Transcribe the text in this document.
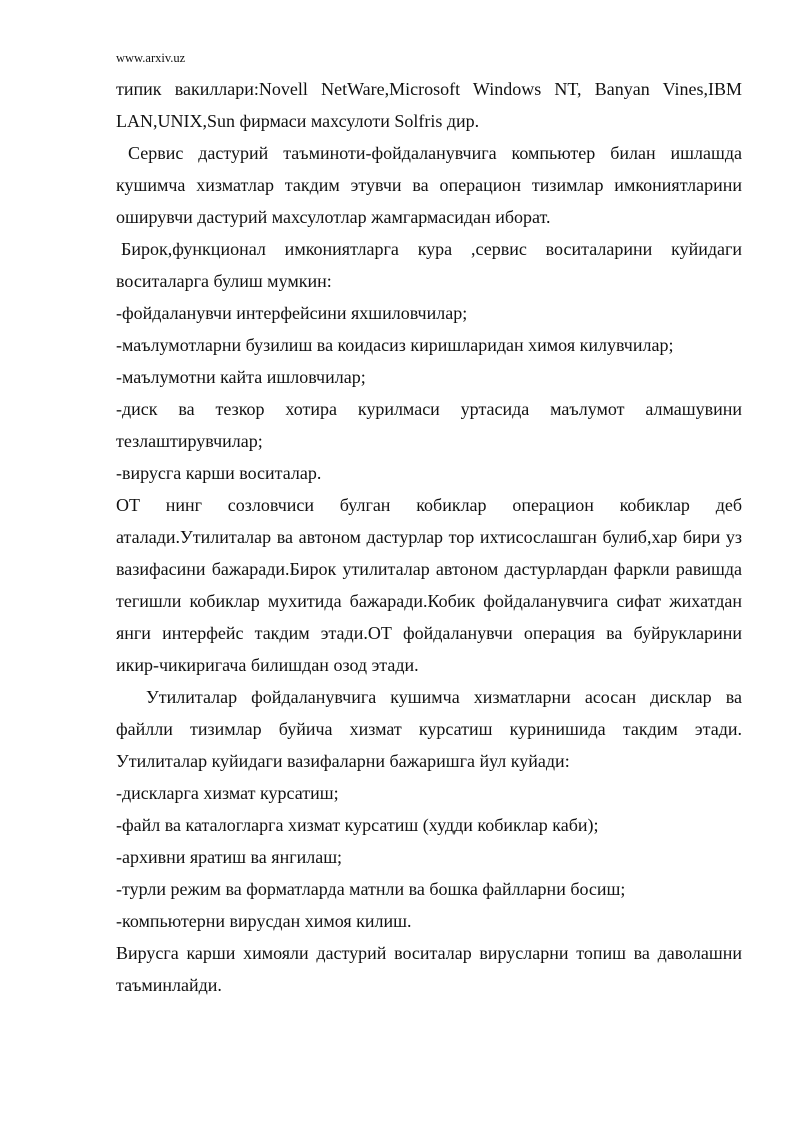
www.arxiv.uz

типик вакиллари:Novell NetWare,Microsoft Windows NT, Banyan Vines,IBM LAN,UNIX,Sun фирмаси махсулоти Solfris дир.

Сервис дастурий таъминоти-фойдаланувчига компьютер билан ишлашда кушимча хизматлар такдим этувчи ва операцион тизимлар имкониятларини оширувчи дастурий махсулотлар жамгармасидан иборат.

Бирок,функционал имкониятларга кура ,сервис воситаларини куйидаги воситаларга булиш мумкин:

-фойдаланувчи интерфейсини яхшиловчилар;

-маълумотларни бузилиш ва коидасиз киришларидан химоя килувчилар;

-маълумотни кайта ишловчилар;

-диск ва тезкор хотира курилмаси уртасида маълумот алмашувини тезлаштирувчилар;

-вирусга карши воситалар.

ОТ нинг созловчиси булган кобиклар операцион кобиклар деб аталади.Утилиталар ва автоном дастурлар тор ихтисослашган булиб,хар бири уз вазифасини бажаради.Бирок утилиталар автоном дастурлардан фаркли равишда тегишли кобиклар мухитида бажаради.Кобик фойдаланувчига сифат жихатдан янги интерфейс такдим этади.ОТ фойдаланувчи операция ва буйрукларини икир-чикиригача билишдан озод этади.

Утилиталар фойдаланувчига кушимча хизматларни асосан дисклар ва файлли тизимлар буйича хизмат курсатиш куринишида такдим этади. Утилиталар куйидаги вазифаларни бажаришга йул куйади:

-дискларга хизмат курсатиш;

-файл ва каталогларга хизмат курсатиш (худди кобиклар каби);

-архивни яратиш ва янгилаш;

-турли режим ва форматларда матнли ва бошка файлларни босиш;

-компьютерни вирусдан химоя килиш.

Вирусга карши химояли дастурий воситалар вирусларни топиш ва даволашни таъминлайди.
